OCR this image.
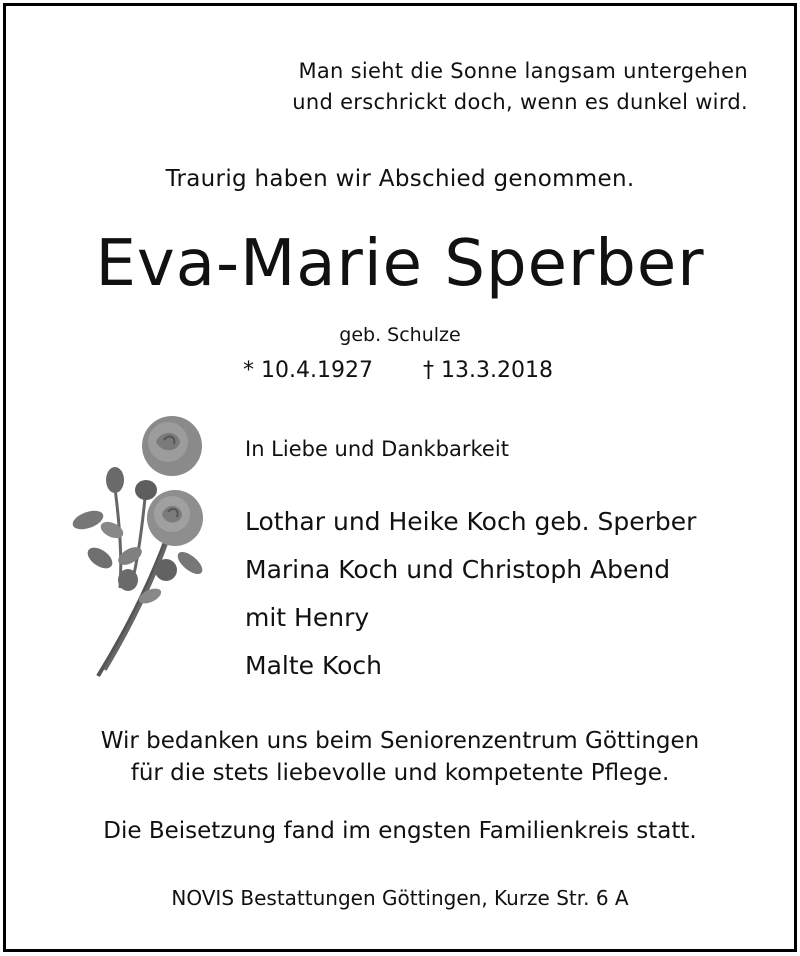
Man sieht die Sonne langsam untergehen
und erschrickt doch, wenn es dunkel wird.
Traurig haben wir Abschied genommen.
Eva-Marie Sperber
geb. Schulze
* 10.4.1927 † 13.3.2018
In Liebe und Dankbarkeit
Lothar und Heike Koch geb. Sperber
Marina Koch und Christoph Abend
mit Henry
Malte Koch
Wir bedanken uns beim Seniorenzentrum Göttingen
für die stets liebevolle und kompetente Pflege.
Die Beisetzung fand im engsten Familienkreis statt.
NOVIS Bestattungen Göttingen, Kurze Str. 6 A
